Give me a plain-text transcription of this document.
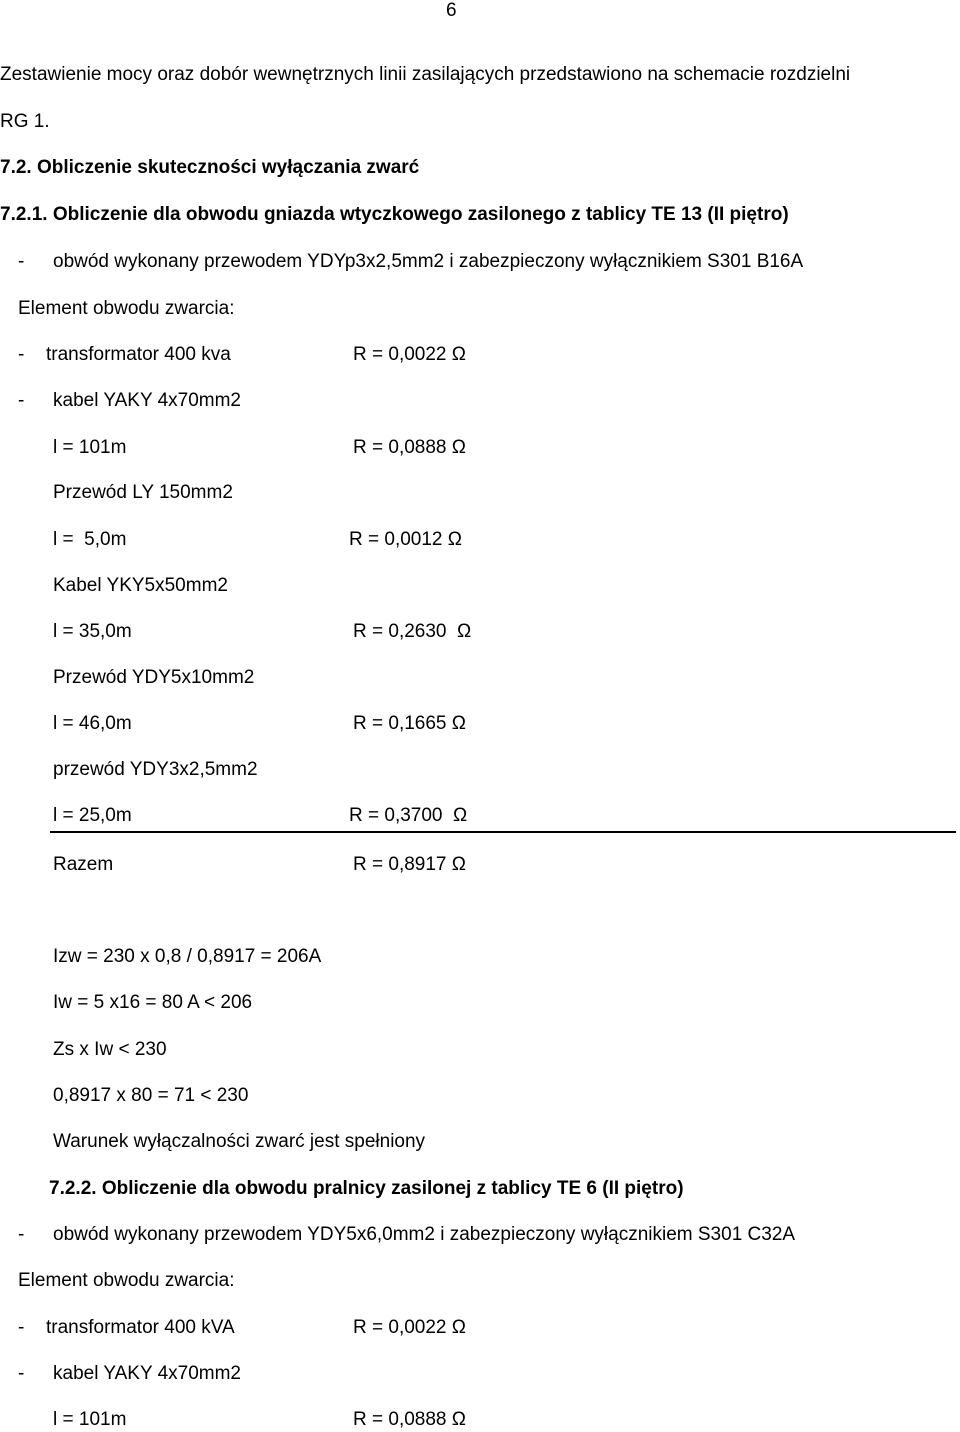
6
Zestawienie mocy oraz dobór wewnętrznych linii zasilających przedstawiono na schemacie rozdzielni
RG 1.
7.2. Obliczenie skuteczności wyłączania zwarć
7.2.1. Obliczenie dla obwodu gniazda wtyczkowego zasilonego z tablicy TE 13 (II piętro)
- obwód wykonany przewodem YDYp3x2,5mm2 i zabezpieczony wyłącznikiem S301 B16A
Element obwodu zwarcia:
- transformator 400 kva	R = 0,0022 Ω
- kabel YAKY 4x70mm2
l = 101m	R = 0,0888 Ω
Przewód LY 150mm2
l =  5,0m	R = 0,0012 Ω
Kabel YKY5x50mm2
l = 35,0m	R = 0,2630  Ω
Przewód YDY5x10mm2
l = 46,0m	R = 0,1665 Ω
przewód YDY3x2,5mm2
l = 25,0m	R = 0,3700  Ω
Razem	R = 0,8917 Ω
Izw = 230 x 0,8 / 0,8917 = 206A
Iw = 5 x16 = 80 A < 206
Zs x Iw < 230
0,8917 x 80 = 71 < 230
Warunek wyłączalności zwarć jest spełniony
7.2.2. Obliczenie dla obwodu pralnicy zasilonej z tablicy TE 6 (II piętro)
- obwód wykonany przewodem YDY5x6,0mm2 i zabezpieczony wyłącznikiem S301 C32A
Element obwodu zwarcia:
- transformator 400 kVA	R = 0,0022 Ω
- kabel YAKY 4x70mm2
l = 101m	R = 0,0888 Ω
